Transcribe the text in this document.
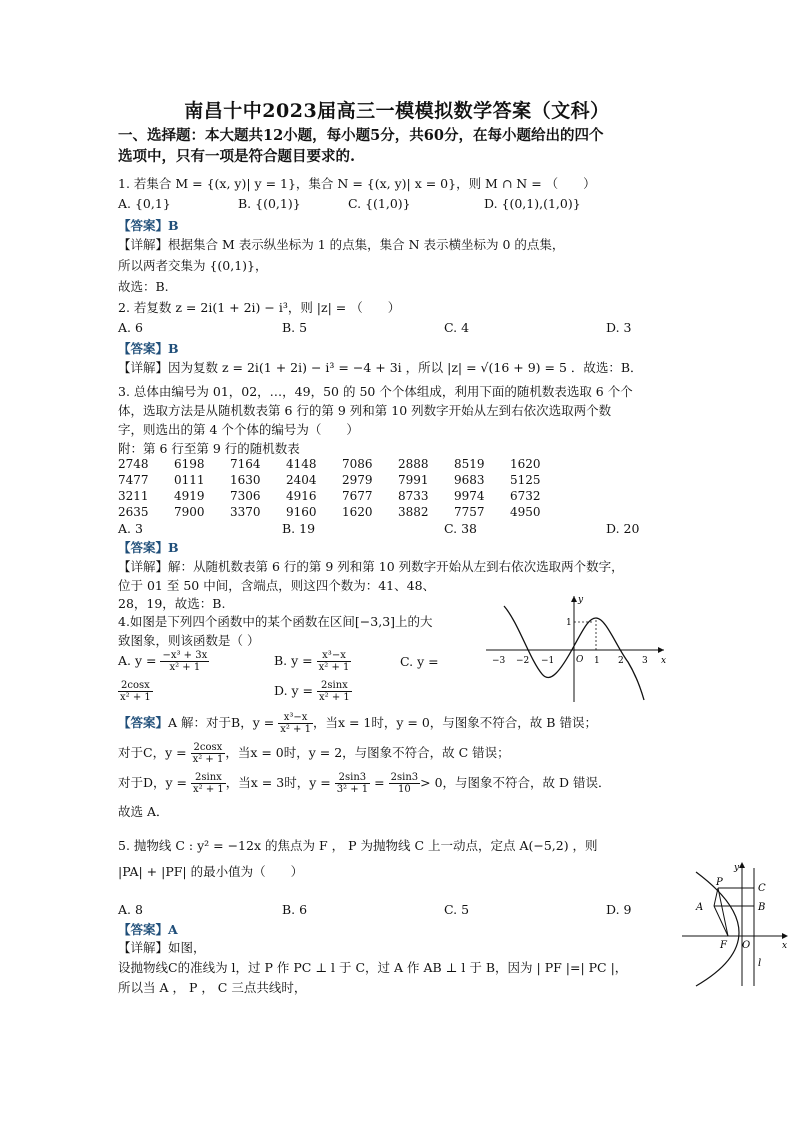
南昌十中2023届高三一模模拟数学答案（文科）
一、选择题：本大题共12小题，每小题5分，共60分，在每小题给出的四个
选项中，只有一项是符合题目要求的.
1. 若集合 M = {(x, y)| y = 1}，集合 N = {(x, y)| x = 0}，则 M ∩ N = （　　）
A. {0,1}	B. {(0,1)}	C. {(1,0)}	D. {(0,1),(1,0)}
【答案】B
【详解】根据集合 M 表示纵坐标为 1 的点集，集合 N 表示横坐标为 0 的点集，
所以两者交集为 {(0,1)}，
故选：B.
2. 若复数 z = 2i(1 + 2i) − i³，则 |z| = （　　）
A. 6	B. 5	C. 4	D. 3
【答案】B
【详解】因为复数 z = 2i(1 + 2i) − i³ = −4 + 3i ，所以 |z| = √(16 + 9) = 5 ．故选：B．
3. 总体由编号为 01，02，…，49，50 的 50 个个体组成，利用下面的随机数表选取 6 个个
体，选取方法是从随机数表第 6 行的第 9 列和第 10 列数字开始从左到右依次选取两个数
字，则选出的第 4 个个体的编号为（　　）
附：第 6 行至第 9 行的随机数表
2748	6198	7164	4148	7086	2888	8519	1620
7477	0111	1630	2404	2979	7991	9683	5125
3211	4919	7306	4916	7677	8733	9974	6732
2635	7900	3370	9160	1620	3882	7757	4950
A. 3	B. 19	C. 38	D. 20
【答案】B
【详解】解：从随机数表第 6 行的第 9 列和第 10 列数字开始从左到右依次选取两个数字，
位于 01 至 50 中间，含端点，则这四个数为：41、48、
28，19，故选：B.
4.如图是下列四个函数中的某个函数在区间[−3,3]上的大
致图象，则该函数是（ ）
A. $y = \frac{\text{−x³ + 3x}}{\text{x² + 1}}$	B. $y = \frac{\text{x³−x}}{\text{x² + 1}}$	C. y =
$\frac{2\cos x}{\text{x² + 1}}$	D. $y = \frac{2\sin x}{\text{x² + 1}}$
【答案】A 解：对于B，$y = \frac{\text{x³−x}}{\text{x² + 1}}$ ，当x = 1时，y = 0，与图象不符合，故 B 错误；
对于C，$y = \frac{2\cos x}{\text{x² + 1}}$ ，当x = 0时，y = 2，与图象不符合，故 C 错误；
对于D，$y = \frac{2\sin x}{\text{x² + 1}}$ ，当x = 3时，$y = \frac{2\sin 3}{\text{3² + 1}} = \frac{2\sin 3}{10} > 0$，与图象不符合，故 D 错误．
故选 A．
−3 −2 −1 O 1 2 3 x
y
1
5. 抛物线 C : y² = −12x 的焦点为 F ， P 为抛物线 C 上一动点，定点 A(−5,2) ，则
|PA| + |PF| 的最小值为（　　）
A. 8	B. 6	C. 5	D. 9
【答案】A
【详解】如图，
设抛物线C的准线为 l，过 P 作 PC ⊥ l 于 C，过 A 作 AB ⊥ l 于 B，因为 | PF |=| PC |，
所以当 A ， P ， C 三点共线时，
y
P
C
A	B
F O	x
l
